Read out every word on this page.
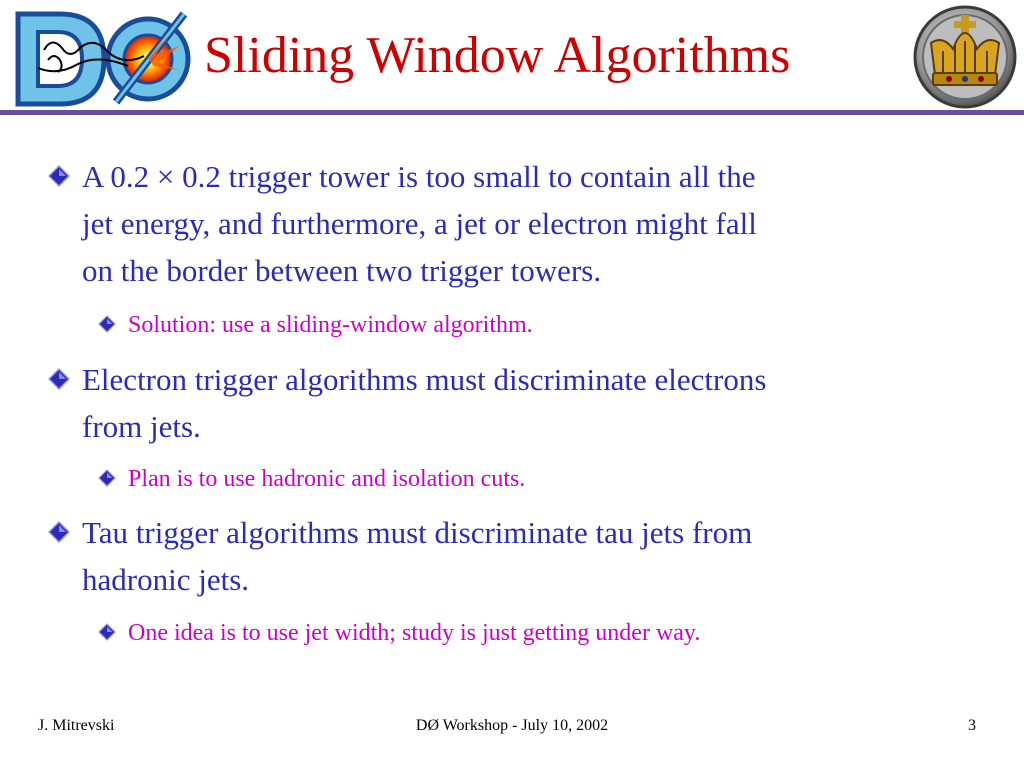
Sliding Window Algorithms

A 0.2 × 0.2 trigger tower is too small to contain all the
jet energy, and furthermore, a jet or electron might fall
on the border between two trigger towers.

Solution: use a sliding-window algorithm.

Electron trigger algorithms must discriminate electrons
from jets.

Plan is to use hadronic and isolation cuts.

Tau trigger algorithms must discriminate tau jets from
hadronic jets.

One idea is to use jet width; study is just getting under way.

J. Mitrevski	DØ Workshop - July 10, 2002	3
